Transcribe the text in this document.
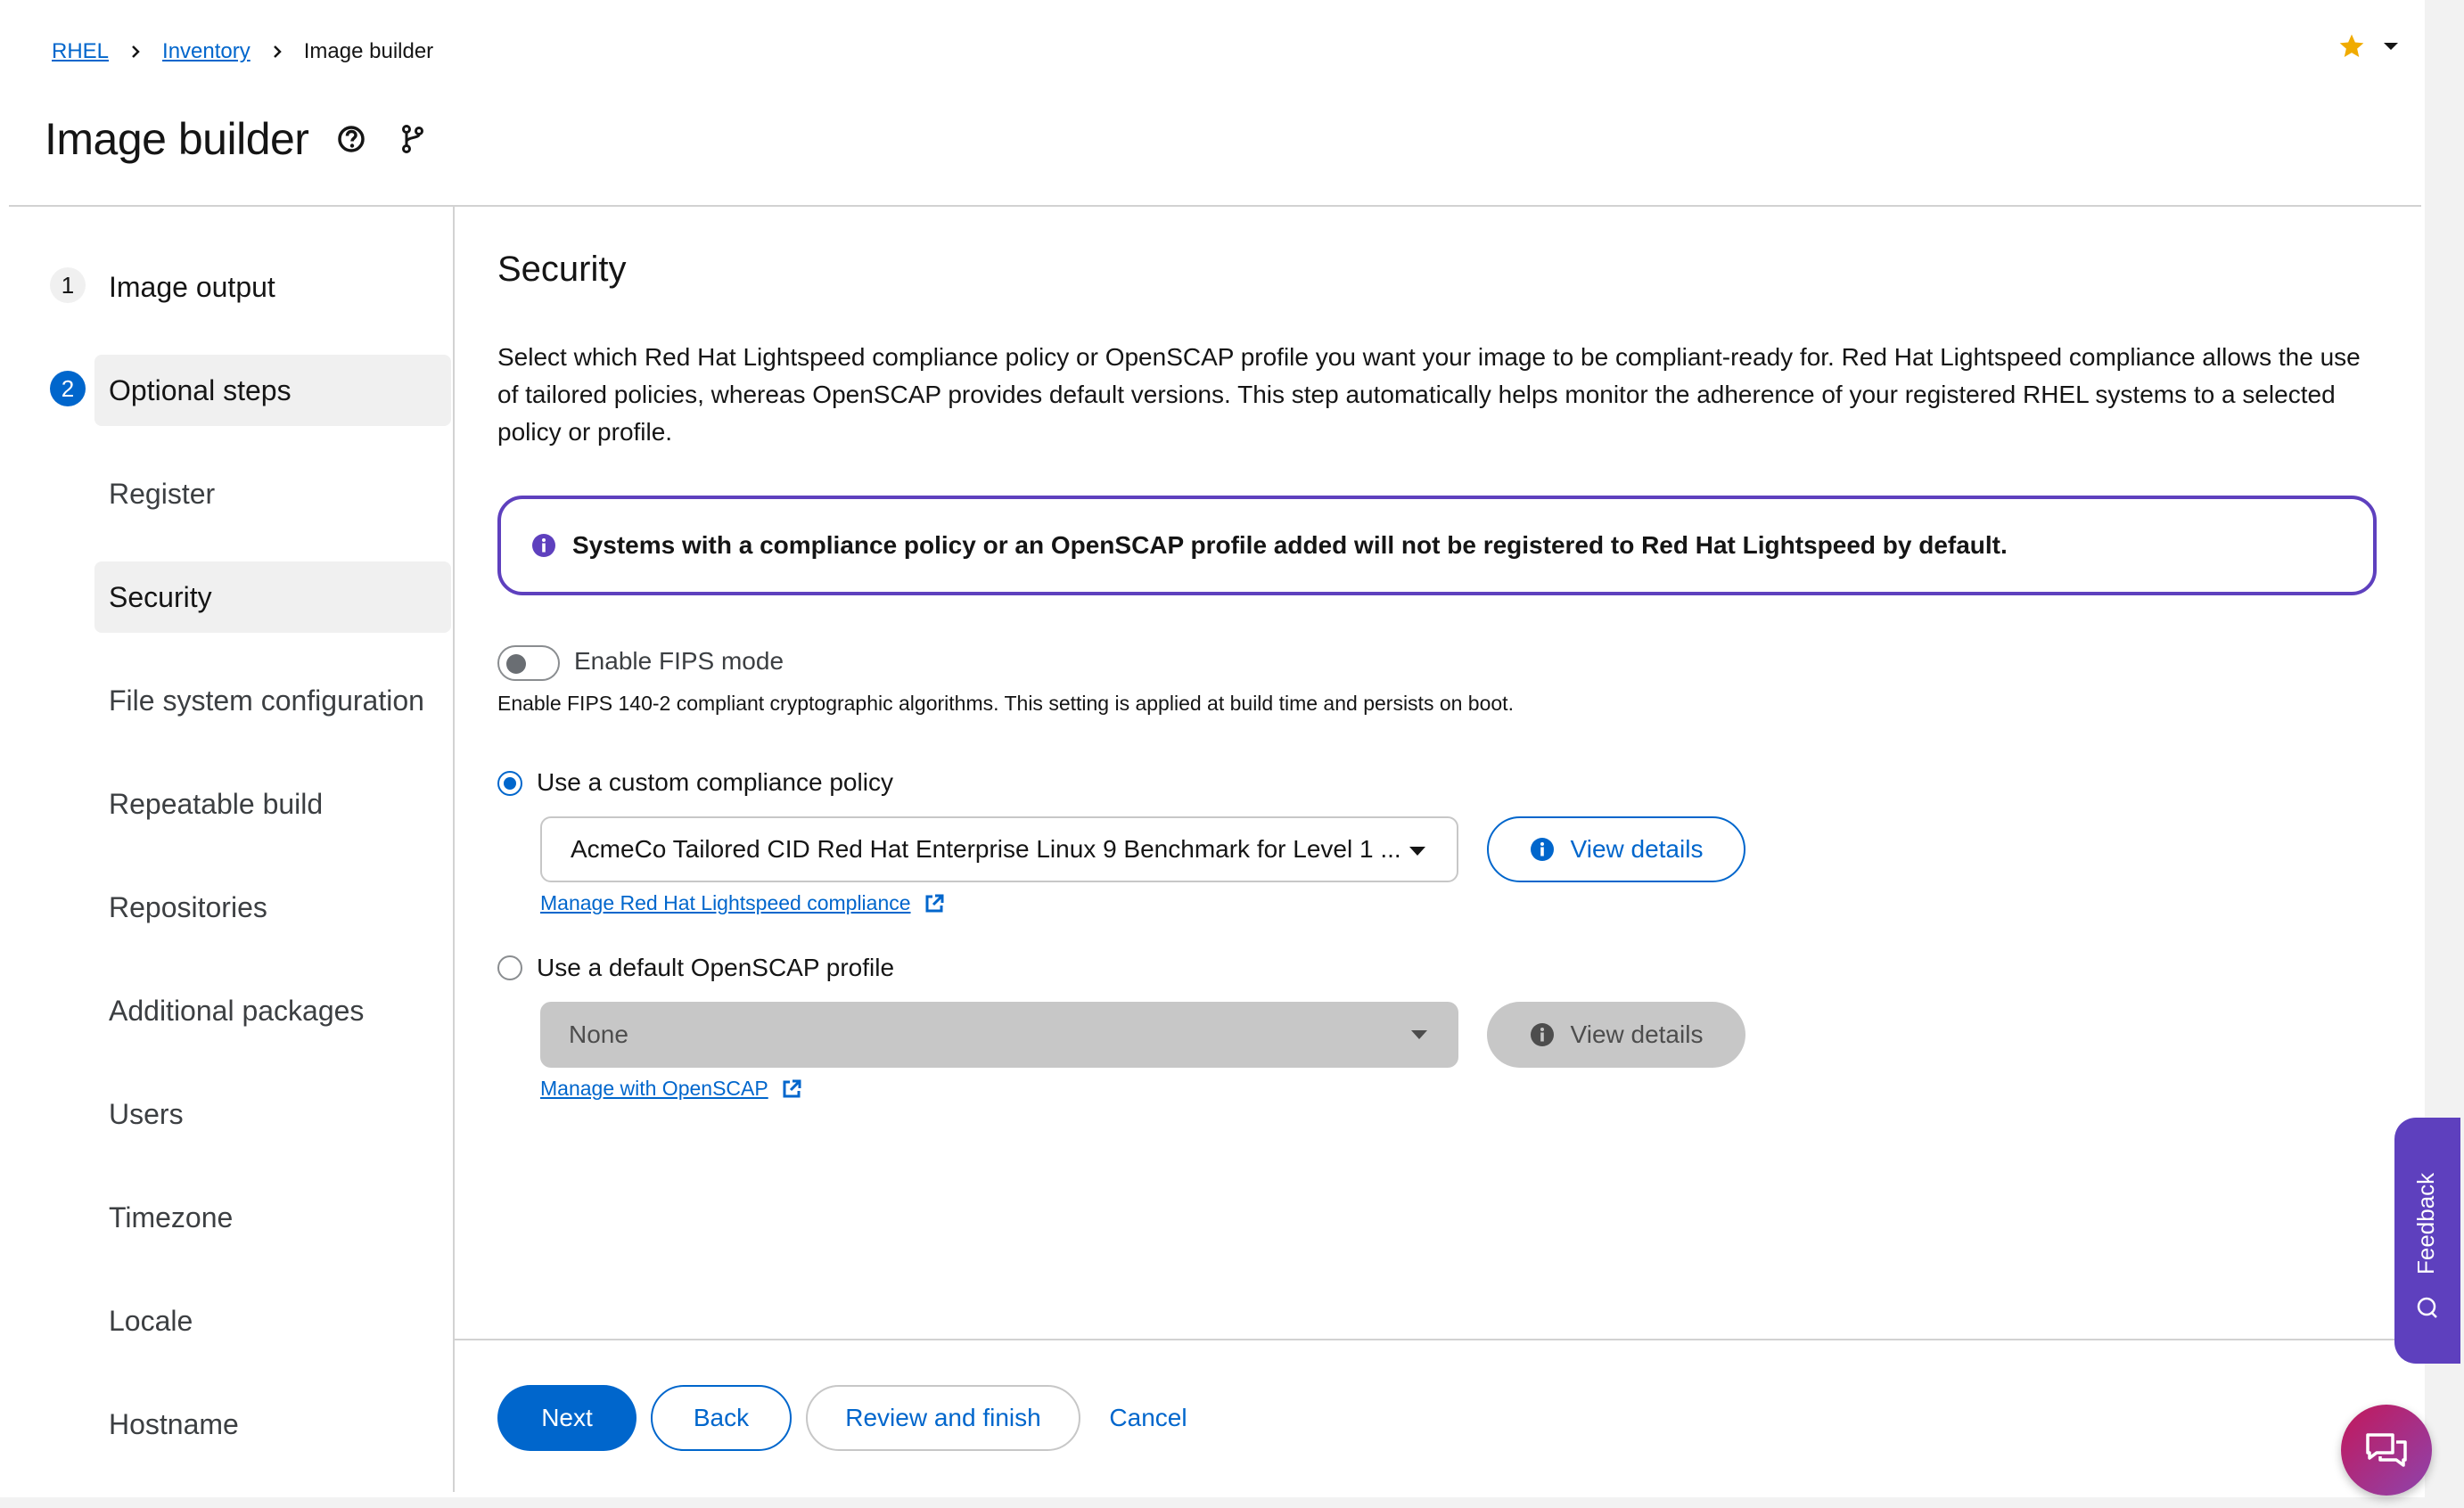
RHEL	Inventory	Image builder
Image builder
1	Image output
2	Optional steps
Register
Security
File system configuration
Repeatable build
Repositories
Additional packages
Users
Timezone
Locale
Hostname
Security

Select which Red Hat Lightspeed compliance policy or OpenSCAP profile you want your image to be compliant-ready for. Red Hat Lightspeed compliance allows the use of tailored policies, whereas OpenSCAP provides default versions. This step automatically helps monitor the adherence of your registered RHEL systems to a selected policy or profile.

Systems with a compliance policy or an OpenSCAP profile added will not be registered to Red Hat Lightspeed by default.
Enable FIPS mode
Enable FIPS 140-2 compliant cryptographic algorithms. This setting is applied at build time and persists on boot.
Use a custom compliance policy
AcmeCo Tailored CID Red Hat Enterprise Linux 9 Benchmark for Level 1 ...	View details
Manage Red Hat Lightspeed compliance
Use a default OpenSCAP profile
None	View details
Manage with OpenSCAP
Next	Back	Review and finish	Cancel
Feedback
